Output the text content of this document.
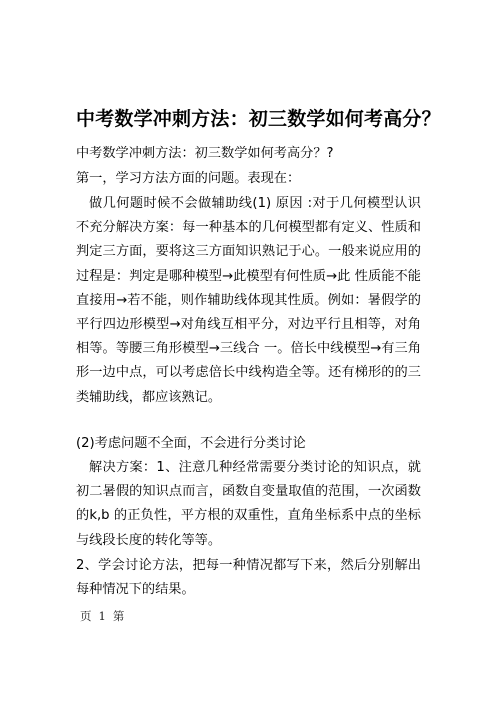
中考数学冲刺方法：初三数学如何考高分？
中考数学冲刺方法：初三数学如何考高分？?
第一，学习方法方面的问题。表现在：
做几何题时候不会做辅助线(1) 原因 :对于几何模型认识不充分解决方案：每一种基本的几何模型都有定义、性质和判定三方面，要将这三方面知识熟记于心。一般来说应用的过程是：判定是哪种模型→此模型有何性质→此 性质能不能直接用→若不能，则作辅助线体现其性质。例如：暑假学的平行四边形模型→对角线互相平分，对边平行且相等，对角相等。等腰三角形模型→三线合 一。倍长中线模型→有三角形一边中点，可以考虑倍长中线构造全等。还有梯形的的三类辅助线，都应该熟记。
(2)考虑问题不全面，不会进行分类讨论
解决方案：1、注意几种经常需要分类讨论的知识点，就初二暑假的知识点而言，函数自变量取值的范围，一次函数的k,b 的正负性，平方根的双重性，直角坐标系中点的坐标与线段长度的转化等等。
2、学会讨论方法，把每一种情况都写下来，然后分别解出每种情况下的结果。
页 1 第
